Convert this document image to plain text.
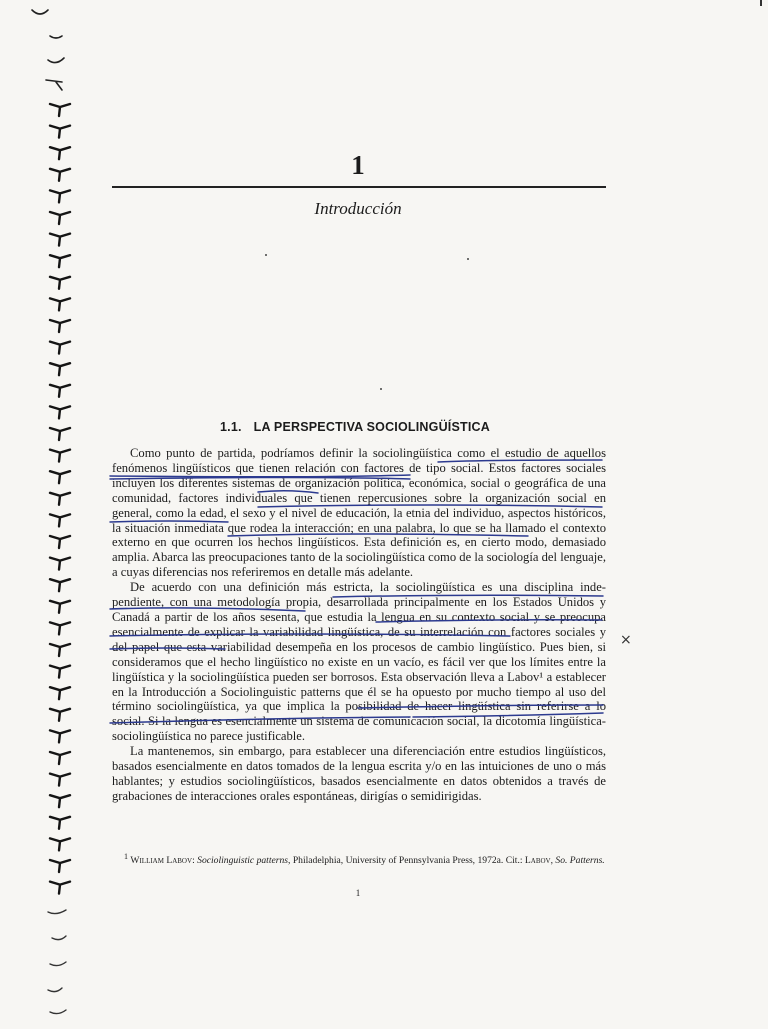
1
Introducción
1.1. LA PERSPECTIVA SOCIOLINGÜÍSTICA

Como punto de partida, podríamos definir la sociolingüística como el estudio de aquellos fenómenos lingüísticos que tienen relación con factores de tipo social. Estos factores sociales incluyen los diferentes sistemas de organización política, económica, social o geográfica de una comunidad, factores individuales que tienen repercusiones sobre la organización social en general, como la edad, el sexo y el nivel de educación, la etnia del individuo, aspectos históricos, la situación inmediata que rodea la interacción; en una palabra, lo que se ha llamado el contexto externo en que ocurren los hechos lingüísticos. Esta definición es, en cierto modo, demasiado amplia. Abarca las preocupaciones tanto de la sociolingüística como de la sociología del lenguaje, a cuyas diferencias nos referiremos en detalle más adelante.

De acuerdo con una definición más estricta, la sociolingüística es una disciplina independiente, con una metodología propia, desarrollada principalmente en los Estados Unidos y Canadá a partir de los años sesenta, que estudia la lengua en su contexto social y se preocupa esencialmente de explicar la variabilidad lingüística, de su interrelación con factores sociales y del papel que esta variabilidad desempeña en los procesos de cambio lingüístico. Pues bien, si consideramos que el hecho lingüístico no existe en un vacío, es fácil ver que los límites entre la lingüística y la sociolingüística pueden ser borrosos. Esta observación lleva a Labov¹ a establecer en la Introducción a Sociolinguistic patterns que él se ha opuesto por mucho tiempo al uso del término sociolingüística, ya que implica la posibilidad de hacer lingüística sin referirse a lo social. Si la lengua es esencialmente un sistema de comunicación social, la dicotomía lingüística-sociolingüística no parece justificable.

La mantenemos, sin embargo, para establecer una diferenciación entre estudios lingüísticos, basados esencialmente en datos tomados de la lengua escrita y/o en las intuiciones de uno o más hablantes; y estudios sociolingüísticos, basados esencialmente en datos obtenidos a través de grabaciones de interacciones orales espontáneas, dirigías o semidirigidas.

$^1$ William Labov: Sociolinguistic patterns, Philadelphia, University of Pennsylvania Press, 1972a. Cit.: Labov, So. Patterns.
1
×
